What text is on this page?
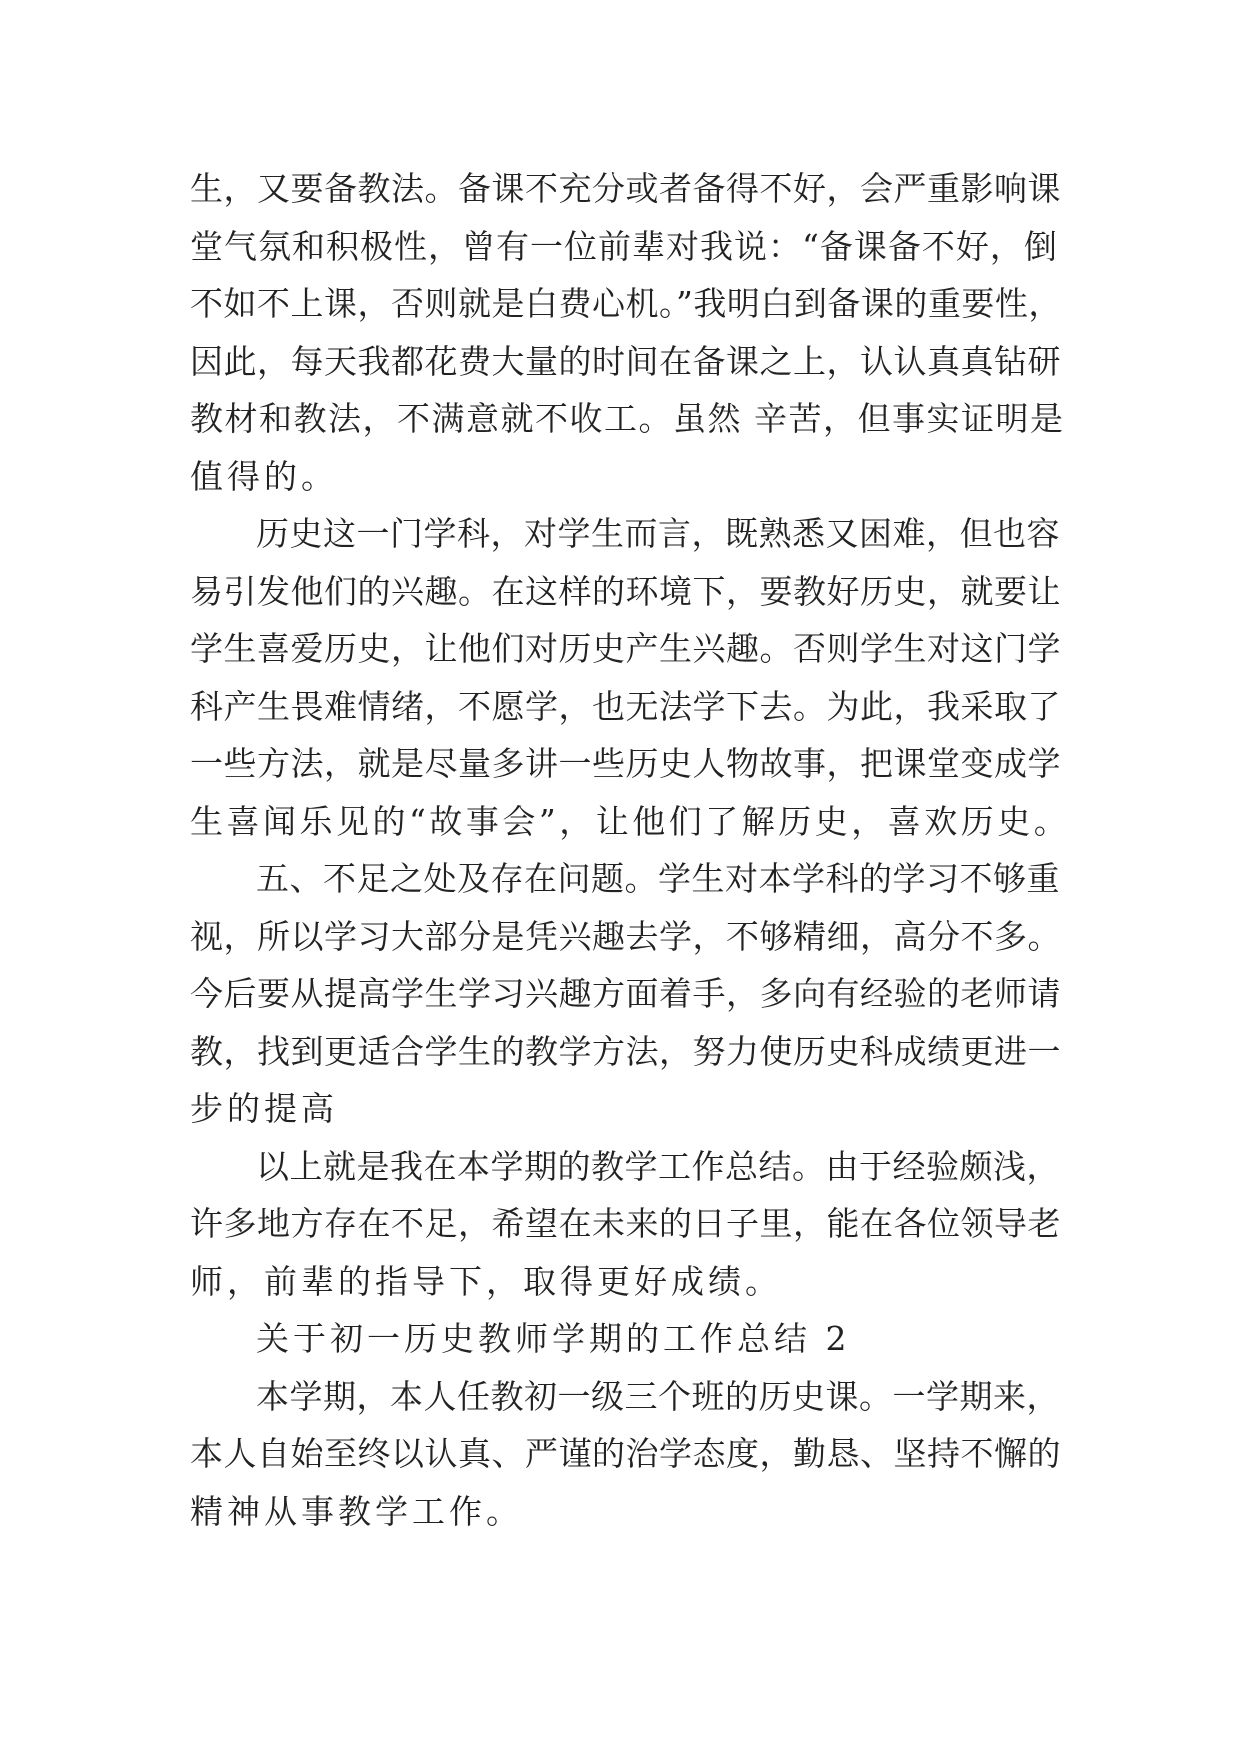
生，又要备教法。备课不充分或者备得不好，会严重影响课
堂气氛和积极性，曾有一位前辈对我说：“备课备不好，倒
不如不上课，否则就是白费心机。”我明白到备课的重要性，
因此，每天我都花费大量的时间在备课之上，认认真真钻研
教材和教法，不满意就不收工。虽然 辛苦，但事实证明是
值得的。
历史这一门学科，对学生而言，既熟悉又困难，但也容
易引发他们的兴趣。在这样的环境下，要教好历史，就要让
学生喜爱历史，让他们对历史产生兴趣。否则学生对这门学
科产生畏难情绪，不愿学，也无法学下去。为此，我采取了
一些方法，就是尽量多讲一些历史人物故事，把课堂变成学
生喜闻乐见的“故事会”，让他们了解历史，喜欢历史。
五、不足之处及存在问题。学生对本学科的学习不够重
视，所以学习大部分是凭兴趣去学，不够精细，高分不多。
今后要从提高学生学习兴趣方面着手，多向有经验的老师请
教，找到更适合学生的教学方法，努力使历史科成绩更进一
步的提高
以上就是我在本学期的教学工作总结。由于经验颇浅，
许多地方存在不足，希望在未来的日子里，能在各位领导老
师，前辈的指导下，取得更好成绩。
关于初一历史教师学期的工作总结 2
本学期，本人任教初一级三个班的历史课。一学期来，
本人自始至终以认真、严谨的治学态度，勤恳、坚持不懈的
精神从事教学工作。
